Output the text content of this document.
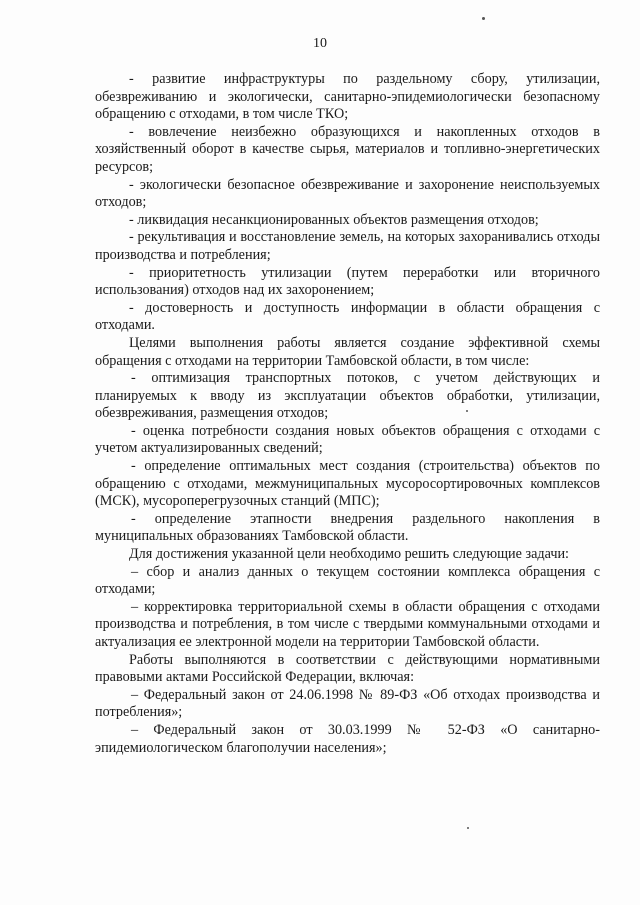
10

- развитие инфраструктуры по раздельному сбору, утилизации, обезвреживанию и экологически, санитарно-эпидемиологически безопасному обращению с отходами, в том числе ТКО;

- вовлечение неизбежно образующихся и накопленных отходов в хозяйственный оборот в качестве сырья, материалов и топливно-энергетических ресурсов;

- экологически безопасное обезвреживание и захоронение неиспользуемых отходов;

- ликвидация несанкционированных объектов размещения отходов;

- рекультивация и восстановление земель, на которых захоранивались отходы производства и потребления;

- приоритетность утилизации (путем переработки или вторичного использования) отходов над их захоронением;

- достоверность и доступность информации в области обращения с отходами.

Целями выполнения работы является создание эффективной схемы обращения с отходами на территории Тамбовской области, в том числе:

- оптимизация транспортных потоков, с учетом действующих и планируемых к вводу из эксплуатации объектов обработки, утилизации, обезвреживания, размещения отходов;

- оценка потребности создания новых объектов обращения с отходами с учетом актуализированных сведений;

- определение оптимальных мест создания (строительства) объектов по обращению с отходами, межмуниципальных мусоросортировочных комплексов (МСК), мусороперегрузочных станций (МПС);

- определение этапности внедрения раздельного накопления в муниципальных образованиях Тамбовской области.

Для достижения указанной цели необходимо решить следующие задачи:

– сбор и анализ данных о текущем состоянии комплекса обращения с отходами;

– корректировка территориальной схемы в области обращения с отходами производства и потребления, в том числе с твердыми коммунальными отходами и актуализация ее электронной модели на территории Тамбовской области.

Работы выполняются в соответствии с действующими нормативными правовыми актами Российской Федерации, включая:

– Федеральный закон от 24.06.1998 № 89-ФЗ «Об отходах производства и потребления»;

– Федеральный закон от 30.03.1999 № 52-ФЗ «О санитарно-эпидемиологическом благополучии населения»;
